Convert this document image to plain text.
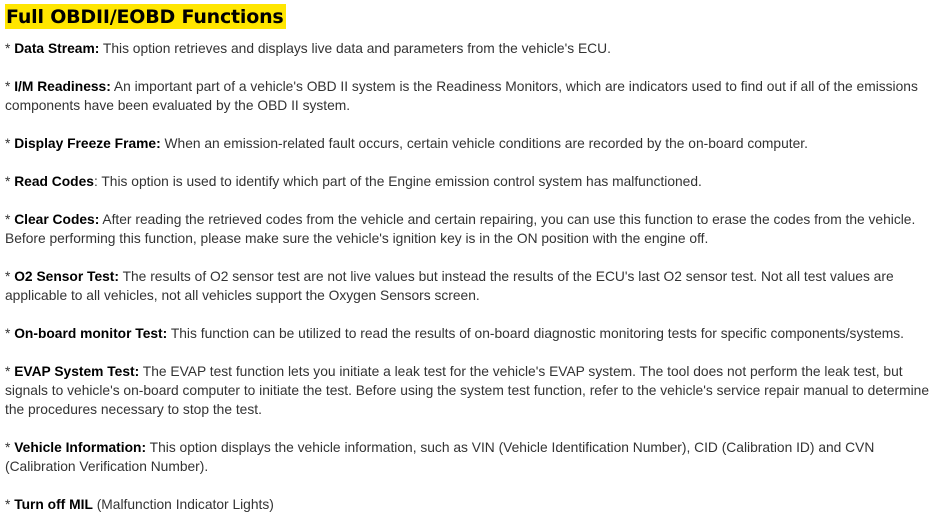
Full OBDII/EOBD Functions
* Data Stream: This option retrieves and displays live data and parameters from the vehicle's ECU.
* I/M Readiness: An important part of a vehicle's OBD II system is the Readiness Monitors, which are indicators used to find out if all of the emissions components have been evaluated by the OBD II system.
* Display Freeze Frame: When an emission-related fault occurs, certain vehicle conditions are recorded by the on-board computer.
* Read Codes: This option is used to identify which part of the Engine emission control system has malfunctioned.
* Clear Codes: After reading the retrieved codes from the vehicle and certain repairing, you can use this function to erase the codes from the vehicle. Before performing this function, please make sure the vehicle's ignition key is in the ON position with the engine off.
* O2 Sensor Test: The results of O2 sensor test are not live values but instead the results of the ECU's last O2 sensor test. Not all test values are applicable to all vehicles, not all vehicles support the Oxygen Sensors screen.
* On-board monitor Test: This function can be utilized to read the results of on-board diagnostic monitoring tests for specific components/systems.
* EVAP System Test: The EVAP test function lets you initiate a leak test for the vehicle's EVAP system. The tool does not perform the leak test, but signals to vehicle's on-board computer to initiate the test. Before using the system test function, refer to the vehicle's service repair manual to determine the procedures necessary to stop the test.
* Vehicle Information: This option displays the vehicle information, such as VIN (Vehicle Identification Number), CID (Calibration ID) and CVN (Calibration Verification Number).
* Turn off MIL (Malfunction Indicator Lights)
